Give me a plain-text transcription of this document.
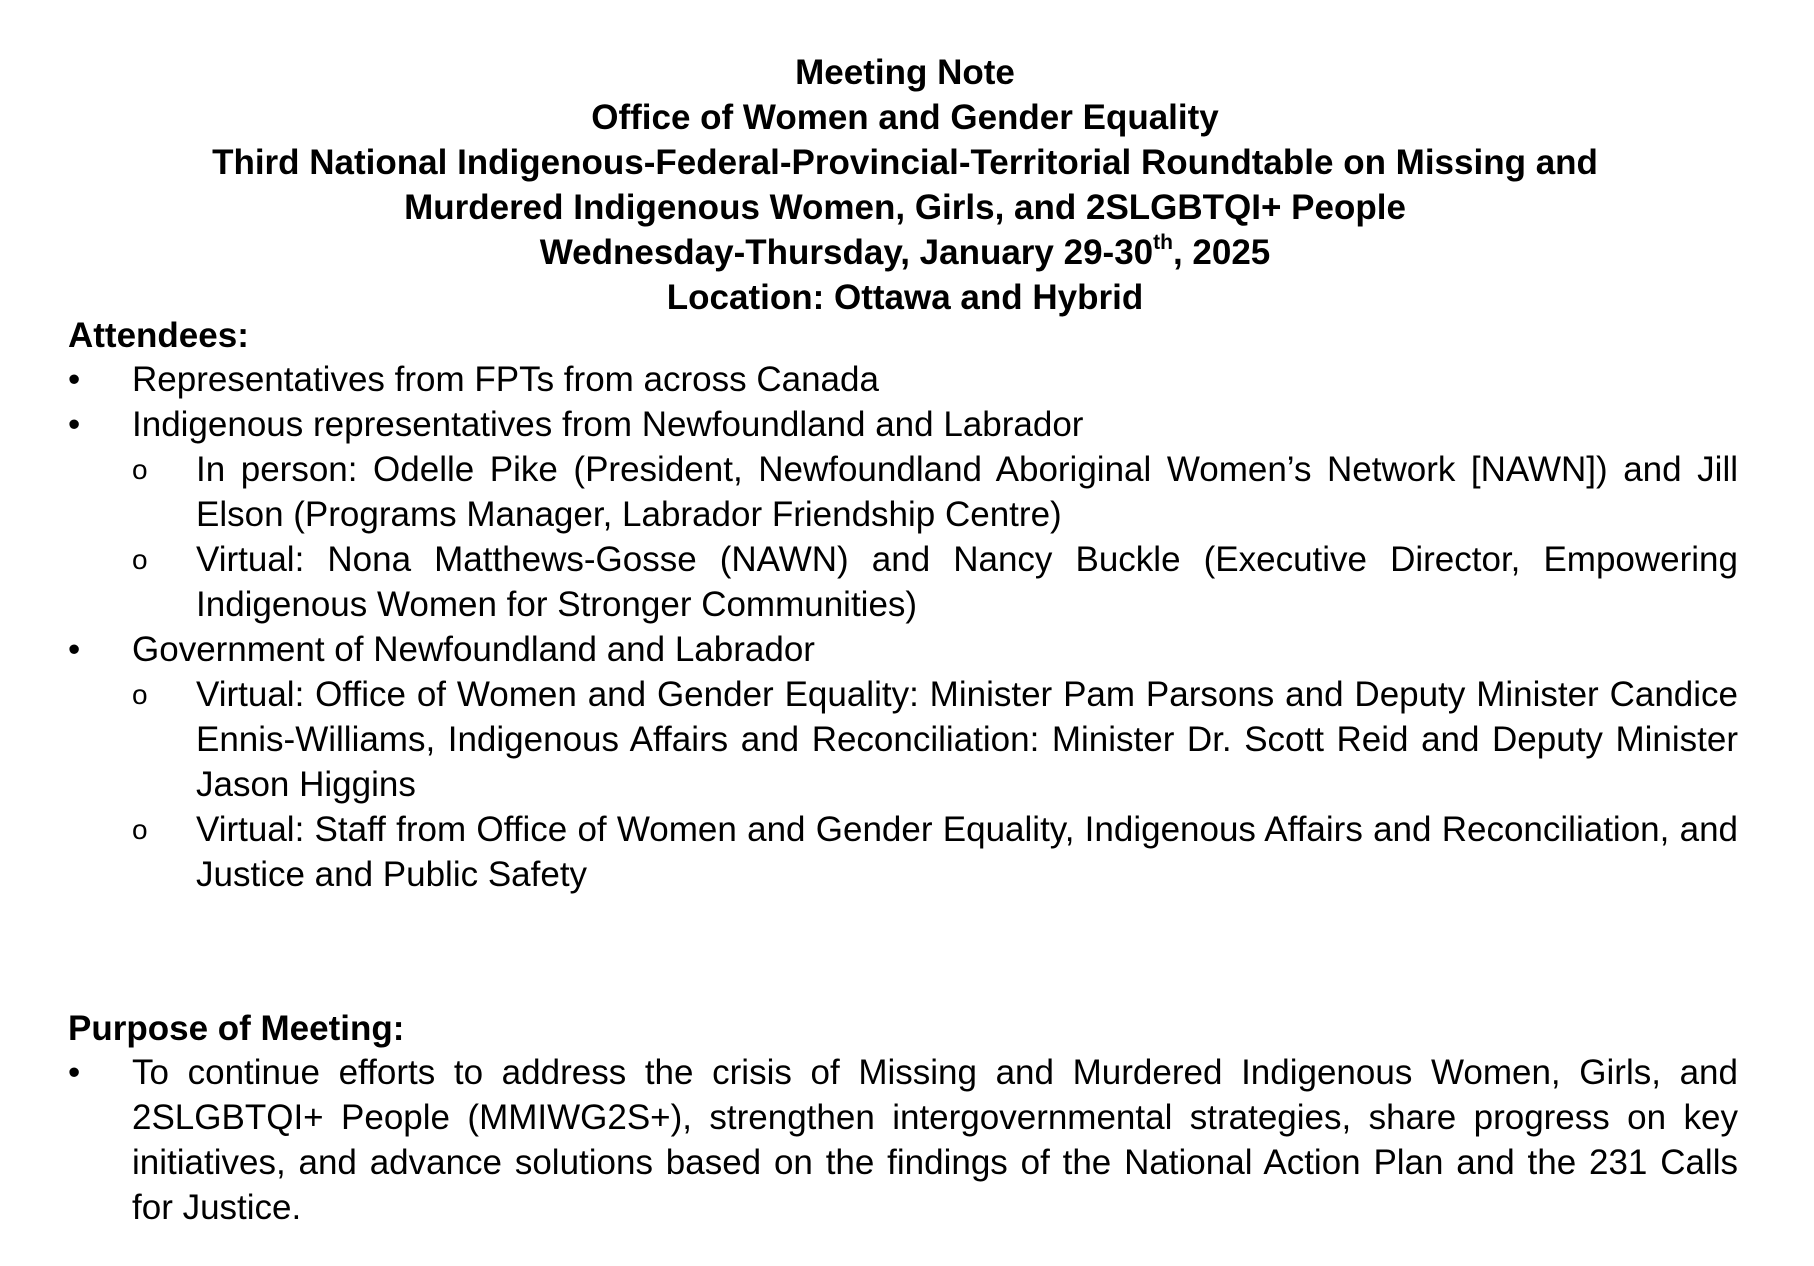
Meeting Note
Office of Women and Gender Equality
Third National Indigenous-Federal-Provincial-Territorial Roundtable on Missing and
Murdered Indigenous Women, Girls, and 2SLGBTQI+ People
Wednesday-Thursday, January 29-30th, 2025
Location: Ottawa and Hybrid
Attendees:
• Representatives from FPTs from across Canada
• Indigenous representatives from Newfoundland and Labrador
o In person: Odelle Pike (President, Newfoundland Aboriginal Women’s Network [NAWN]) and Jill Elson (Programs Manager, Labrador Friendship Centre)
o Virtual: Nona Matthews-Gosse (NAWN) and Nancy Buckle (Executive Director, Empowering Indigenous Women for Stronger Communities)
• Government of Newfoundland and Labrador
o Virtual: Office of Women and Gender Equality: Minister Pam Parsons and Deputy Minister Candice Ennis-Williams, Indigenous Affairs and Reconciliation: Minister Dr. Scott Reid and Deputy Minister Jason Higgins
o Virtual: Staff from Office of Women and Gender Equality, Indigenous Affairs and Reconciliation, and Justice and Public Safety
Purpose of Meeting:
• To continue efforts to address the crisis of Missing and Murdered Indigenous Women, Girls, and 2SLGBTQI+ People (MMIWG2S+), strengthen intergovernmental strategies, share progress on key initiatives, and advance solutions based on the findings of the National Action Plan and the 231 Calls for Justice.
